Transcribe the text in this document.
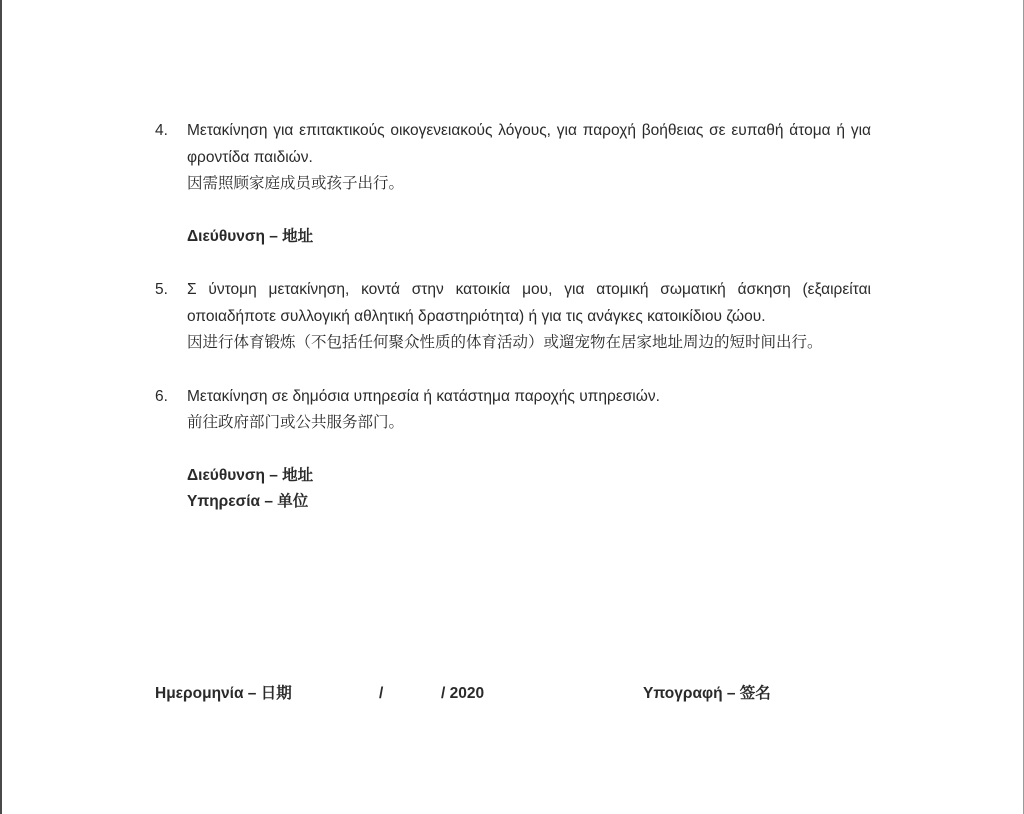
4.	Μετακίνηση για επιτακτικούς οικογενειακούς λόγους, για παροχή βοήθειας σε ευπαθή άτομα ή για φροντίδα παιδιών.
因需照顾家庭成员或孩子出行。
Διεύθυνση – 地址
5.	Σ ύντομη μετακίνηση, κοντά στην κατοικία μου, για ατομική σωματική άσκηση (εξαιρείται οποιαδήποτε συλλογική αθλητική δραστηριότητα) ή για τις ανάγκες κατοικίδιου ζώου.
因进行体育锻炼（不包括任何聚众性质的体育活动）或遛宠物在居家地址周边的短时间出行。
6.	Μετακίνηση σε δημόσια υπηρεσία ή κατάστημα παροχής υπηρεσιών.
前往政府部门或公共服务部门。
Διεύθυνση – 地址
Υπηρεσία – 单位
Ημερομηνία – 日期	/	/ 2020	Υπογραφή – 签名
